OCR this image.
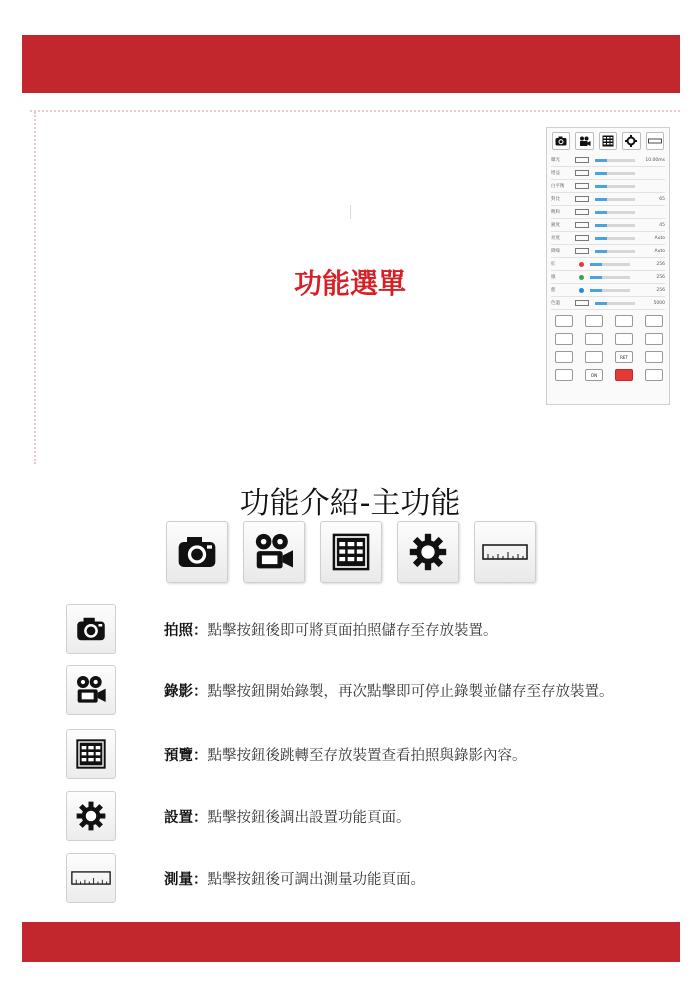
功能選單
曝光	10.00ms
增益
白平衡
對比	65
飽和
銳度	45
亮度	Auto
降噪	Auto
紅	256
綠	256
藍	256
色溫	5000
RET
ON
功能介紹-主功能
拍照：點擊按鈕後即可將頁面拍照儲存至存放裝置。
錄影：點擊按鈕開始錄製，再次點擊即可停止錄製並儲存至存放裝置。
預覽：點擊按鈕後跳轉至存放裝置查看拍照與錄影內容。
設置：點擊按鈕後調出設置功能頁面。
測量：點擊按鈕後可調出測量功能頁面。
